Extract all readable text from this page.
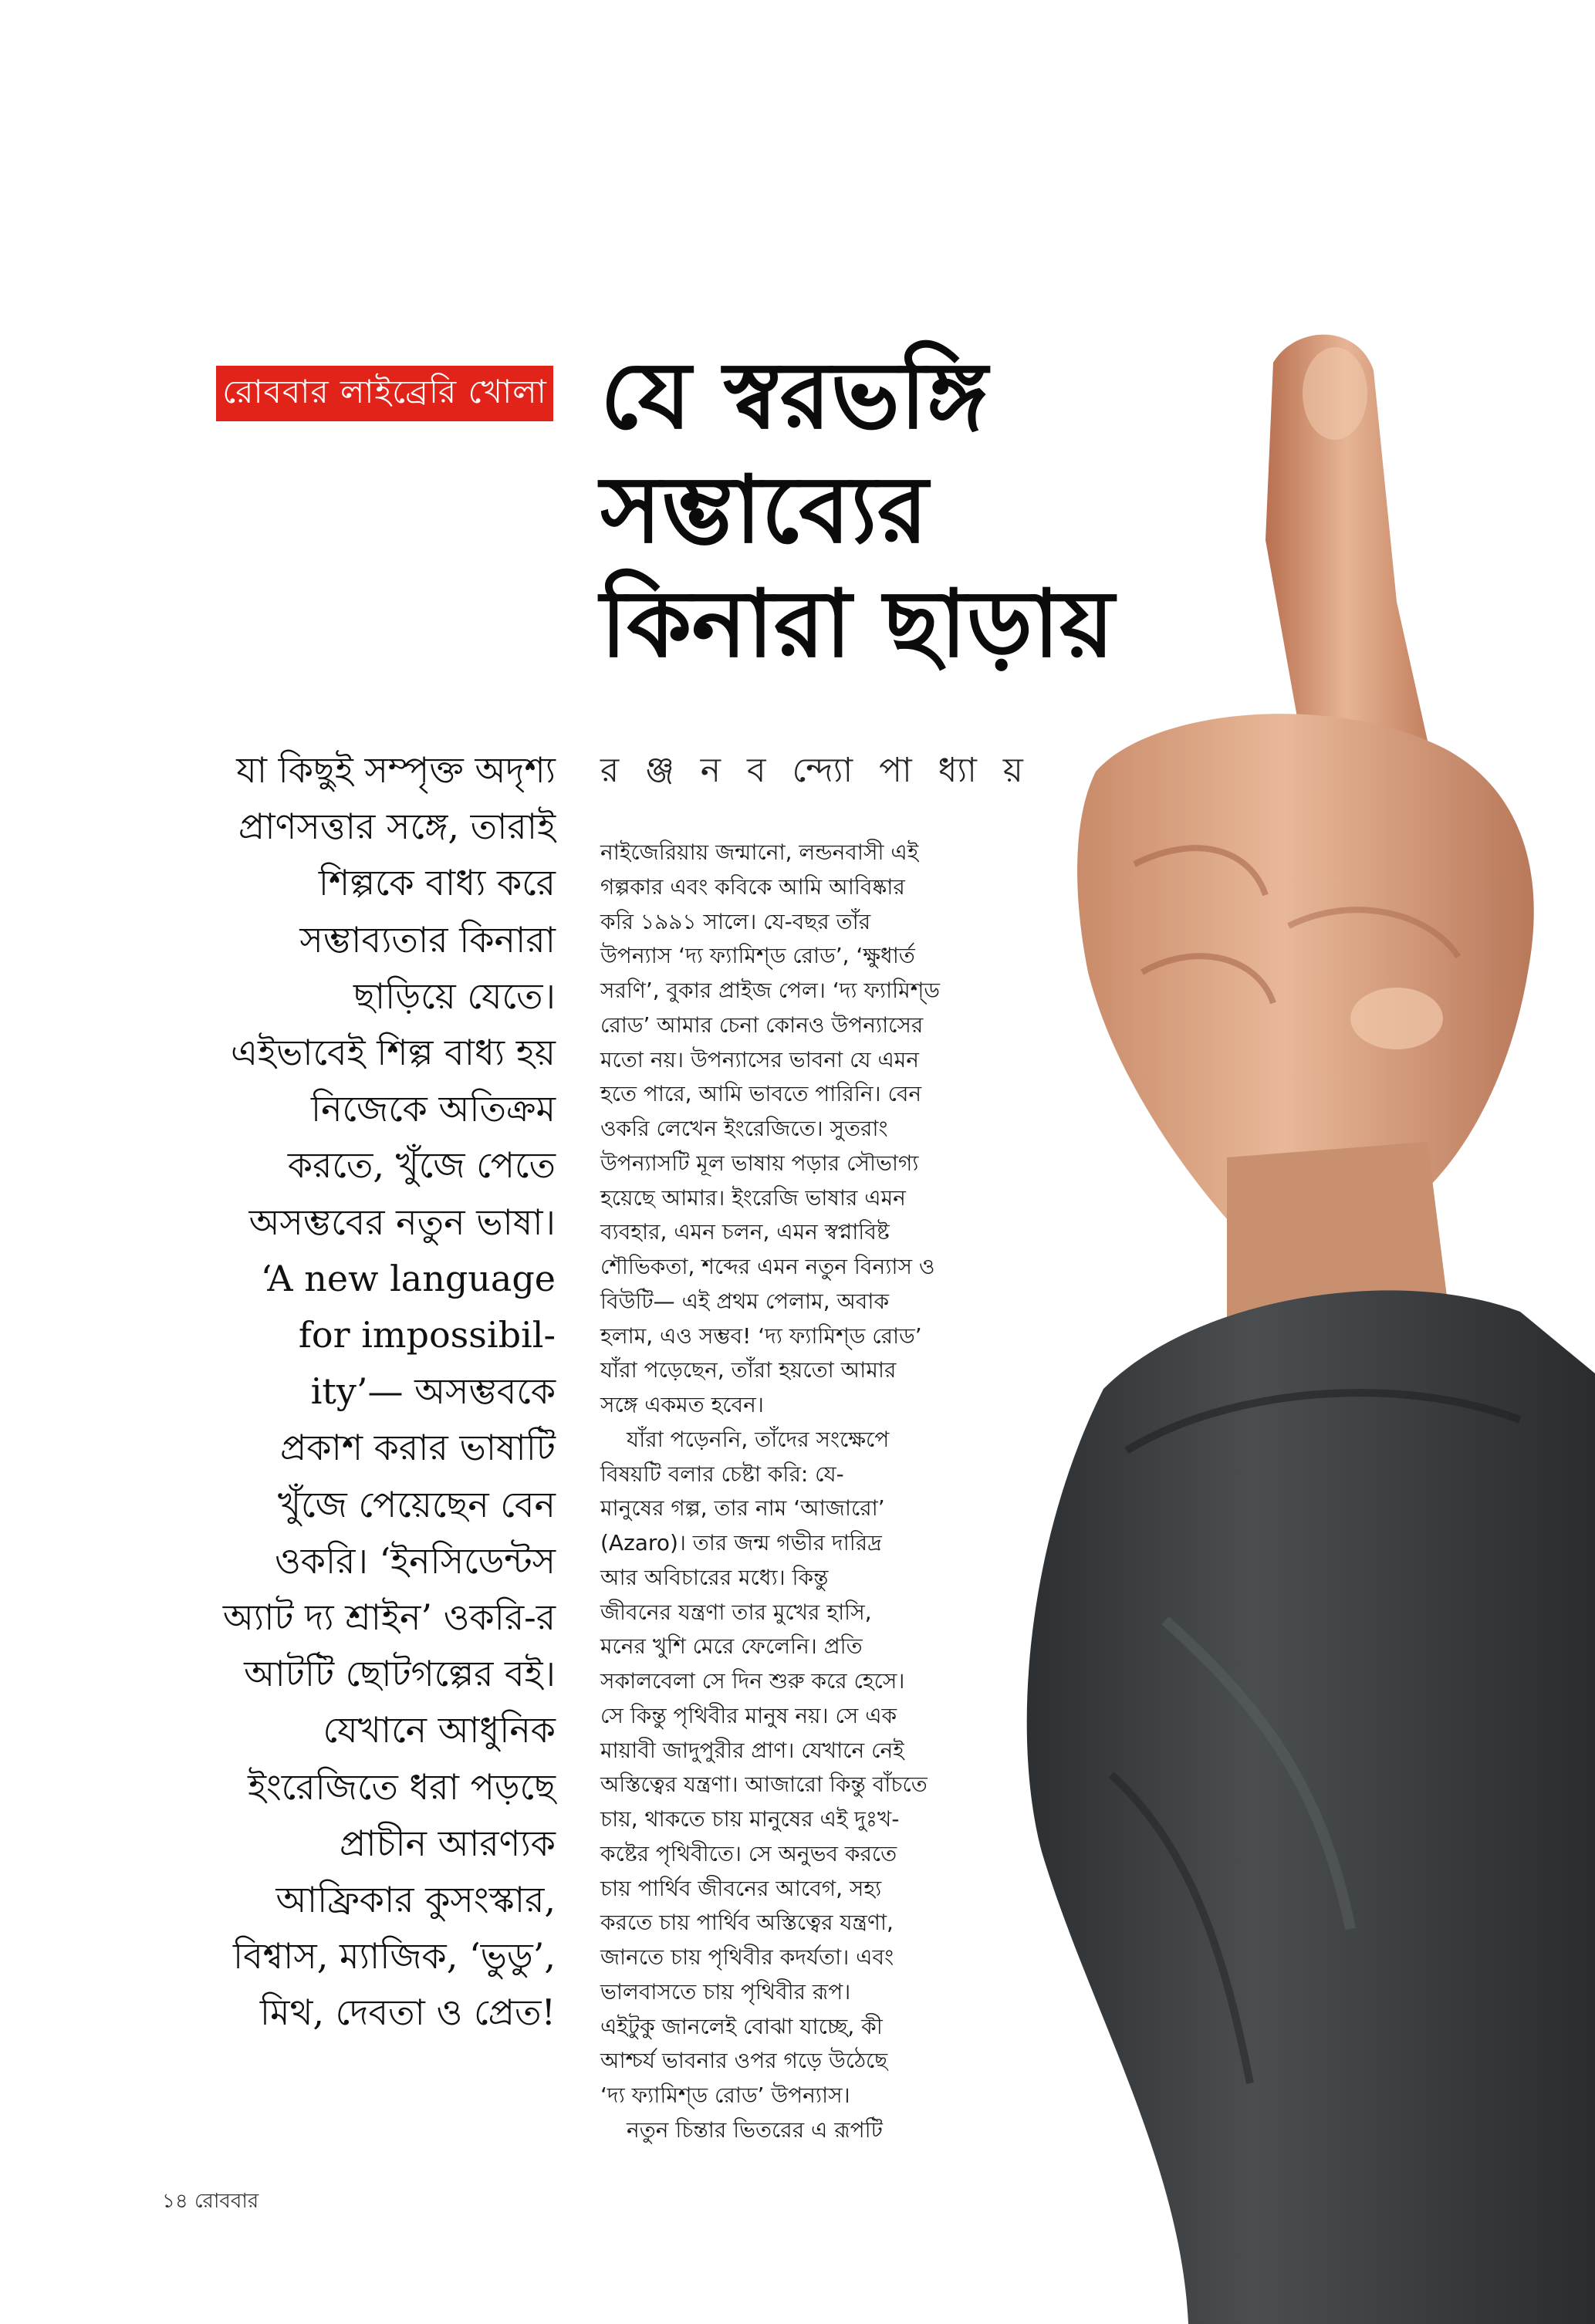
রোববার লাইব্রেরি খোলা যে স্বরভঙ্গি
সম্ভাব্যের
কিনারা ছাড়ায়
র ঞ্জ ন ব ন্দ্যো পা ধ্যা য়
যা কিছুই সম্পৃক্ত অদৃশ্য
প্রাণসত্তার সঙ্গে, তারাই
শিল্পকে বাধ্য করে
সম্ভাব্যতার কিনারা
ছাড়িয়ে যেতে।
এইভাবেই শিল্প বাধ্য হয়
নিজেকে অতিক্রম
করতে, খুঁজে পেতে
অসম্ভবের নতুন ভাষা।
‘A new language
for impossibil-
ity’— অসম্ভবকে
প্রকাশ করার ভাষাটি
খুঁজে পেয়েছেন বেন
ওকরি। ‘ইনসিডেন্টস
অ্যাট দ্য শ্রাইন’ ওকরি-র
আটটি ছোটগল্পের বই।
যেখানে আধুনিক
ইংরেজিতে ধরা পড়ছে
প্রাচীন আরণ্যক
আফ্রিকার কুসংস্কার,
বিশ্বাস, ম্যাজিক, ‘ভুডু’,
মিথ, দেবতা ও প্রেত!
নাইজেরিয়ায় জন্মানো, লন্ডনবাসী এই
গল্পকার এবং কবিকে আমি আবিষ্কার
করি ১৯৯১ সালে। যে-বছর তাঁর
উপন্যাস ‘দ্য ফ্যামিশ্‌ড রোড’, ‘ক্ষুধার্ত
সরণি’, বুকার প্রাইজ পেল। ‘দ্য ফ্যামিশ্‌ড
রোড’ আমার চেনা কোনও উপন্যাসের
মতো নয়। উপন্যাসের ভাবনা যে এমন
হতে পারে, আমি ভাবতে পারিনি। বেন
ওকরি লেখেন ইংরেজিতে। সুতরাং
উপন্যাসটি মূল ভাষায় পড়ার সৌভাগ্য
হয়েছে আমার। ইংরেজি ভাষার এমন
ব্যবহার, এমন চলন, এমন স্বপ্নাবিষ্ট
শৌভিকতা, শব্দের এমন নতুন বিন্যাস ও
বিউটি— এই প্রথম পেলাম, অবাক
হলাম, এও সম্ভব! ‘দ্য ফ্যামিশ্‌ড রোড’
যাঁরা পড়েছেন, তাঁরা হয়তো আমার
সঙ্গে একমত হবেন।
যাঁরা পড়েননি, তাঁদের সংক্ষেপে
বিষয়টি বলার চেষ্টা করি: যে-
মানুষের গল্প, তার নাম ‘আজারো’
(Azaro)। তার জন্ম গভীর দারিদ্র
আর অবিচারের মধ্যে। কিন্তু
জীবনের যন্ত্রণা তার মুখের হাসি,
মনের খুশি মেরে ফেলেনি। প্রতি
সকালবেলা সে দিন শুরু করে হেসে।
সে কিন্তু পৃথিবীর মানুষ নয়। সে এক
মায়াবী জাদুপুরীর প্রাণ। যেখানে নেই
অস্তিত্বের যন্ত্রণা। আজারো কিন্তু বাঁচতে
চায়, থাকতে চায় মানুষের এই দুঃখ-
কষ্টের পৃথিবীতে। সে অনুভব করতে
চায় পার্থিব জীবনের আবেগ, সহ্য
করতে চায় পার্থিব অস্তিত্বের যন্ত্রণা,
জানতে চায় পৃথিবীর কদর্যতা। এবং
ভালবাসতে চায় পৃথিবীর রূপ।
এইটুকু জানলেই বোঝা যাচ্ছে, কী
আশ্চর্য ভাবনার ওপর গড়ে উঠেছে
‘দ্য ফ্যামিশ্‌ড রোড’ উপন্যাস।
নতুন চিন্তার ভিতরের এ রূপটি
১৪ রোববার
